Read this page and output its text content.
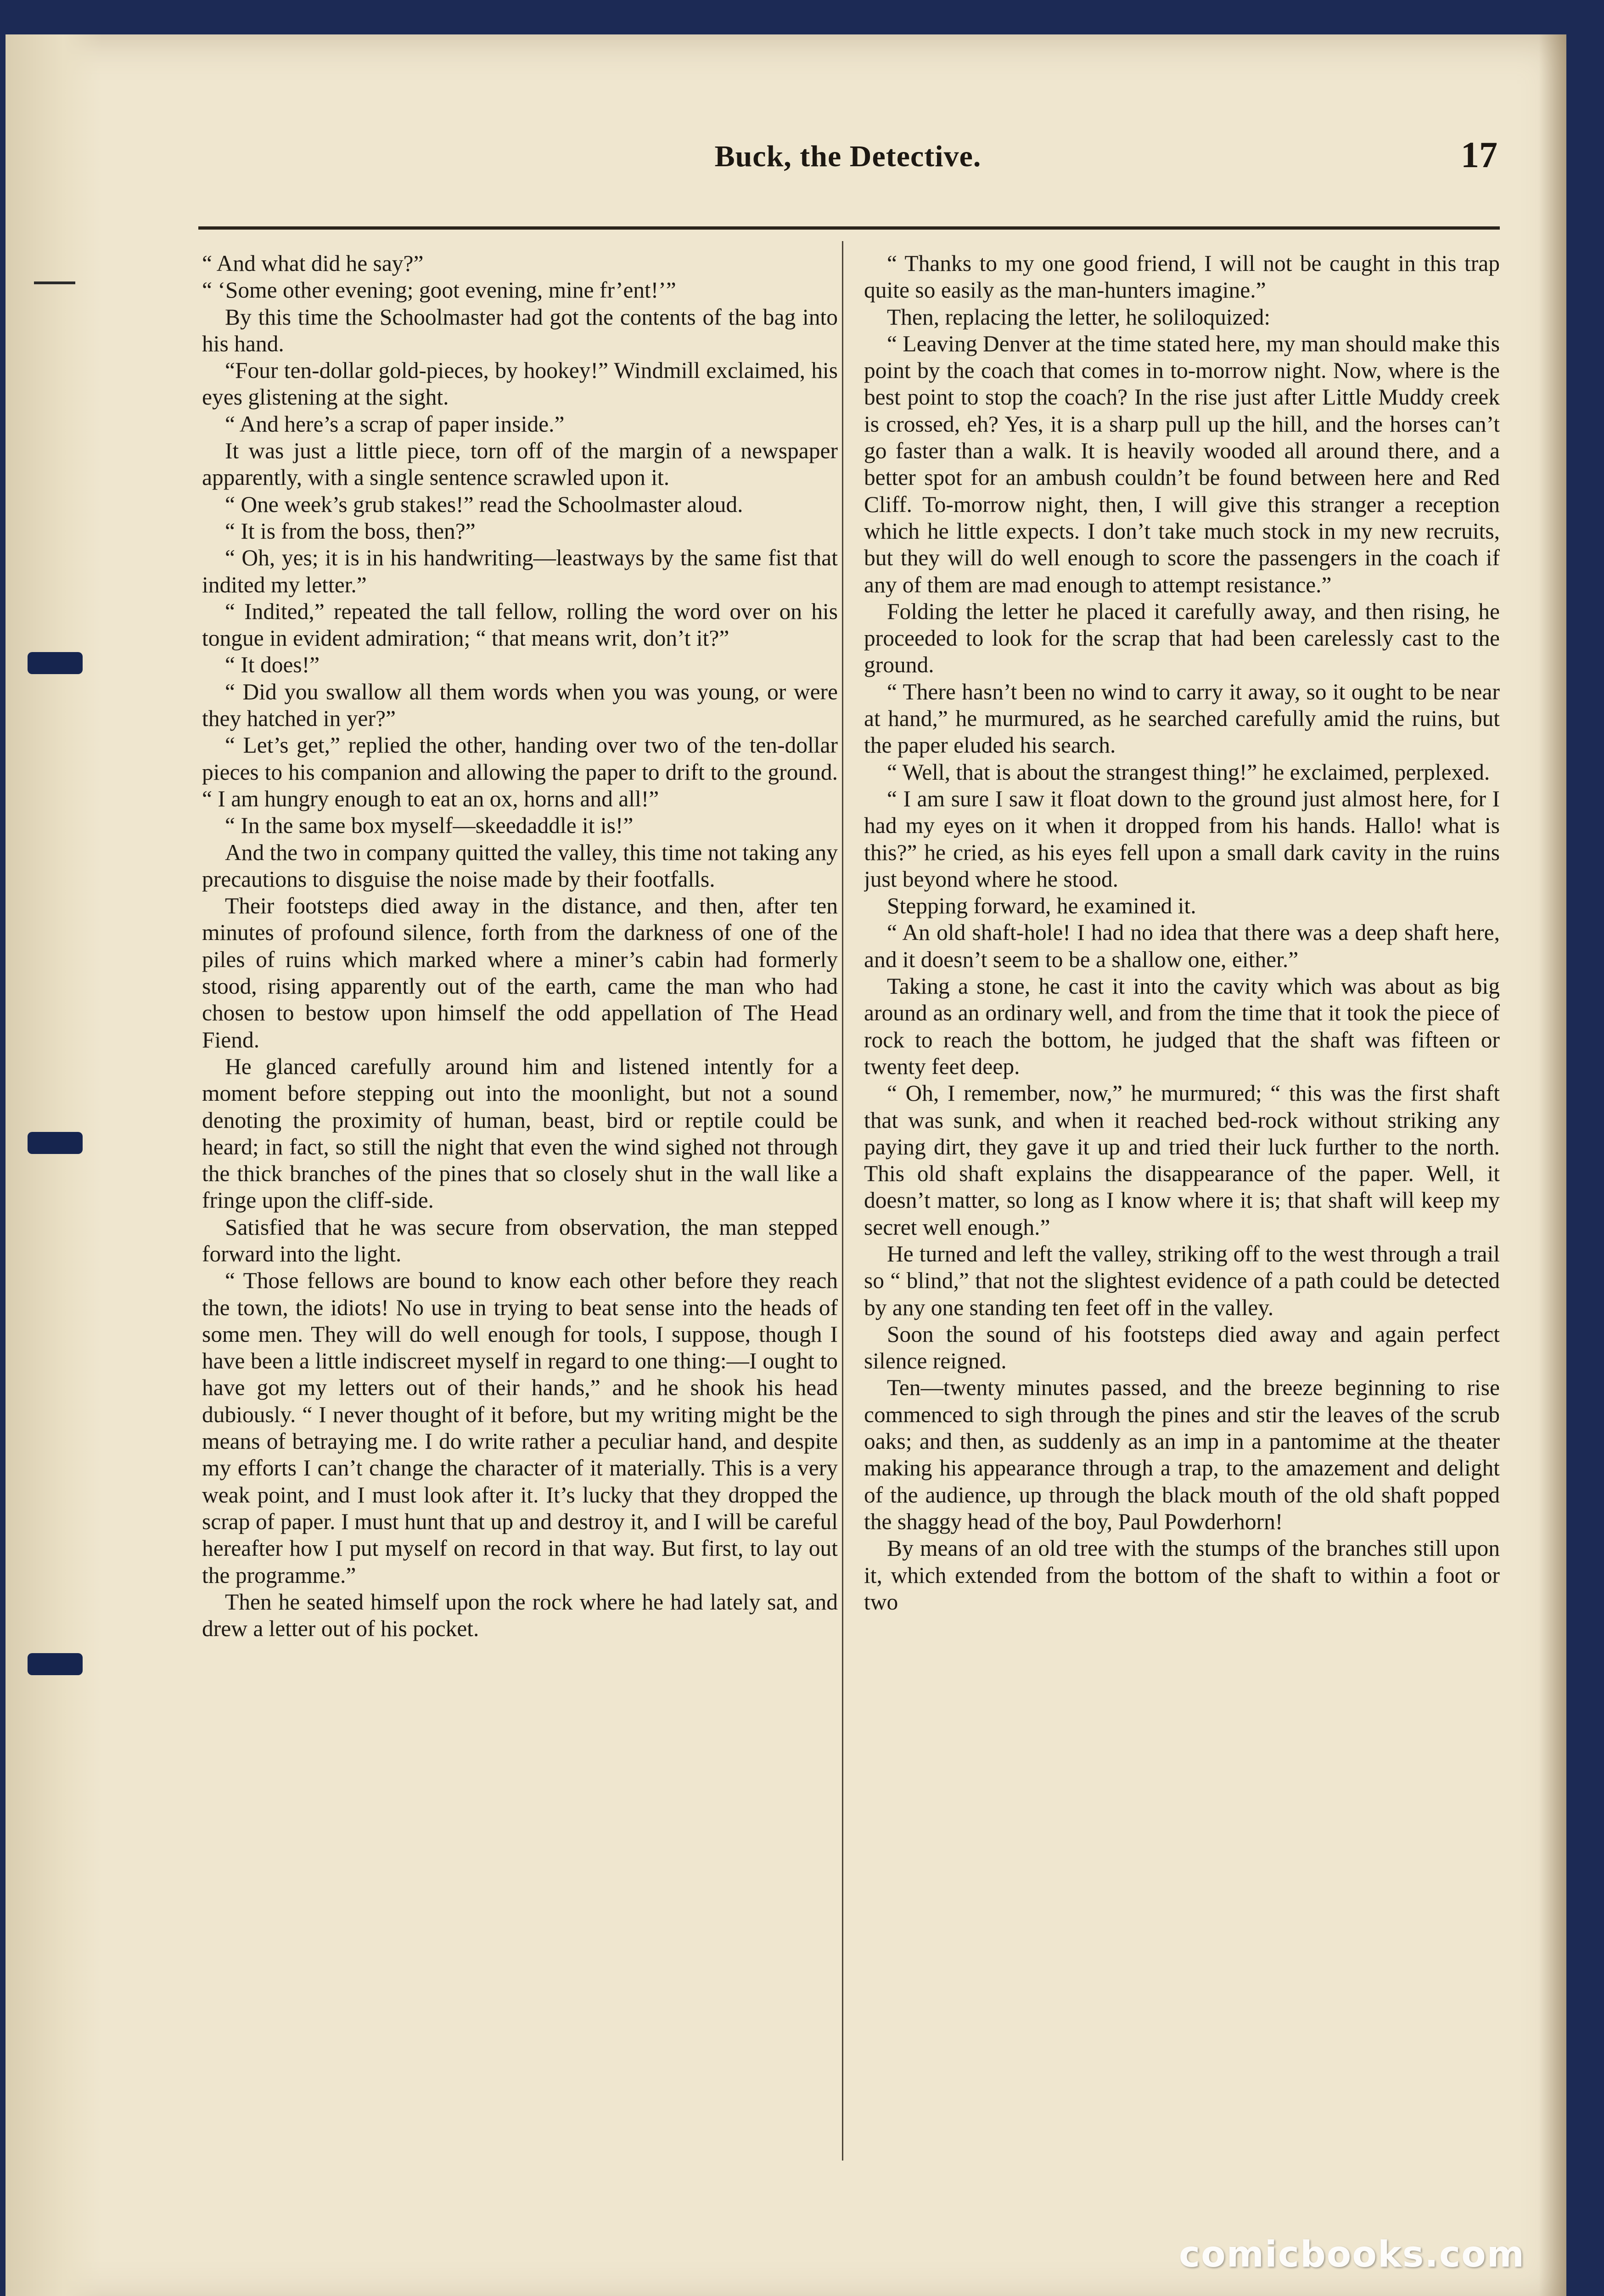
Buck, the Detective.	17

“ And what did he say?”

“ ‘Some other evening; goot evening, mine fr’ent!’”

By this time the Schoolmaster had got the contents of the bag into his hand.

“Four ten-dollar gold-pieces, by hookey!” Windmill exclaimed, his eyes glistening at the sight.

“ And here’s a scrap of paper inside.”

It was just a little piece, torn off of the margin of a newspaper apparently, with a single sentence scrawled upon it.

“ One week’s grub stakes!” read the Schoolmaster aloud.

“ It is from the boss, then?”

“ Oh, yes; it is in his handwriting—leastways by the same fist that indited my letter.”

“ Indited,” repeated the tall fellow, rolling the word over on his tongue in evident admiration; “ that means writ, don’t it?”

“ It does!”

“ Did you swallow all them words when you was young, or were they hatched in yer?”

“ Let’s get,” replied the other, handing over two of the ten-dollar pieces to his companion and allowing the paper to drift to the ground. “ I am hungry enough to eat an ox, horns and all!”

“ In the same box myself—skeedaddle it is!”

And the two in company quitted the valley, this time not taking any precautions to disguise the noise made by their footfalls.

Their footsteps died away in the distance, and then, after ten minutes of profound silence, forth from the darkness of one of the piles of ruins which marked where a miner’s cabin had formerly stood, rising apparently out of the earth, came the man who had chosen to bestow upon himself the odd appellation of The Head Fiend.

He glanced carefully around him and listened intently for a moment before stepping out into the moonlight, but not a sound denoting the proximity of human, beast, bird or reptile could be heard; in fact, so still the night that even the wind sighed not through the thick branches of the pines that so closely shut in the wall like a fringe upon the cliff-side.

Satisfied that he was secure from observation, the man stepped forward into the light.

“ Those fellows are bound to know each other before they reach the town, the idiots! No use in trying to beat sense into the heads of some men. They will do well enough for tools, I suppose, though I have been a little indiscreet myself in regard to one thing:—I ought to have got my letters out of their hands,” and he shook his head dubiously. “ I never thought of it before, but my writing might be the means of betraying me. I do write rather a peculiar hand, and despite my efforts I can’t change the character of it materially. This is a very weak point, and I must look after it. It’s lucky that they dropped the scrap of paper. I must hunt that up and destroy it, and I will be careful hereafter how I put myself on record in that way. But first, to lay out the programme.”

Then he seated himself upon the rock where he had lately sat, and drew a letter out of his pocket.

“ Thanks to my one good friend, I will not be caught in this trap quite so easily as the man-hunters imagine.”

Then, replacing the letter, he soliloquized:

“ Leaving Denver at the time stated here, my man should make this point by the coach that comes in to-morrow night. Now, where is the best point to stop the coach? In the rise just after Little Muddy creek is crossed, eh? Yes, it is a sharp pull up the hill, and the horses can’t go faster than a walk. It is heavily wooded all around there, and a better spot for an ambush couldn’t be found between here and Red Cliff. To-morrow night, then, I will give this stranger a reception which he little expects. I don’t take much stock in my new recruits, but they will do well enough to score the passengers in the coach if any of them are mad enough to attempt resistance.”

Folding the letter he placed it carefully away, and then rising, he proceeded to look for the scrap that had been carelessly cast to the ground.

“ There hasn’t been no wind to carry it away, so it ought to be near at hand,” he murmured, as he searched carefully amid the ruins, but the paper eluded his search.

“ Well, that is about the strangest thing!” he exclaimed, perplexed.

“ I am sure I saw it float down to the ground just almost here, for I had my eyes on it when it dropped from his hands. Hallo! what is this?” he cried, as his eyes fell upon a small dark cavity in the ruins just beyond where he stood.

Stepping forward, he examined it.

“ An old shaft-hole! I had no idea that there was a deep shaft here, and it doesn’t seem to be a shallow one, either.”

Taking a stone, he cast it into the cavity which was about as big around as an ordinary well, and from the time that it took the piece of rock to reach the bottom, he judged that the shaft was fifteen or twenty feet deep.

“ Oh, I remember, now,” he murmured; “ this was the first shaft that was sunk, and when it reached bed-rock without striking any paying dirt, they gave it up and tried their luck further to the north. This old shaft explains the disappearance of the paper. Well, it doesn’t matter, so long as I know where it is; that shaft will keep my secret well enough.”

He turned and left the valley, striking off to the west through a trail so “ blind,” that not the slightest evidence of a path could be detected by any one standing ten feet off in the valley.

Soon the sound of his footsteps died away and again perfect silence reigned.

Ten—twenty minutes passed, and the breeze beginning to rise commenced to sigh through the pines and stir the leaves of the scrub oaks; and then, as suddenly as an imp in a pantomime at the theater making his appearance through a trap, to the amazement and delight of the audience, up through the black mouth of the old shaft popped the shaggy head of the boy, Paul Powderhorn!

By means of an old tree with the stumps of the branches still upon it, which extended from the bottom of the shaft to within a foot or two

comicbooks.com
